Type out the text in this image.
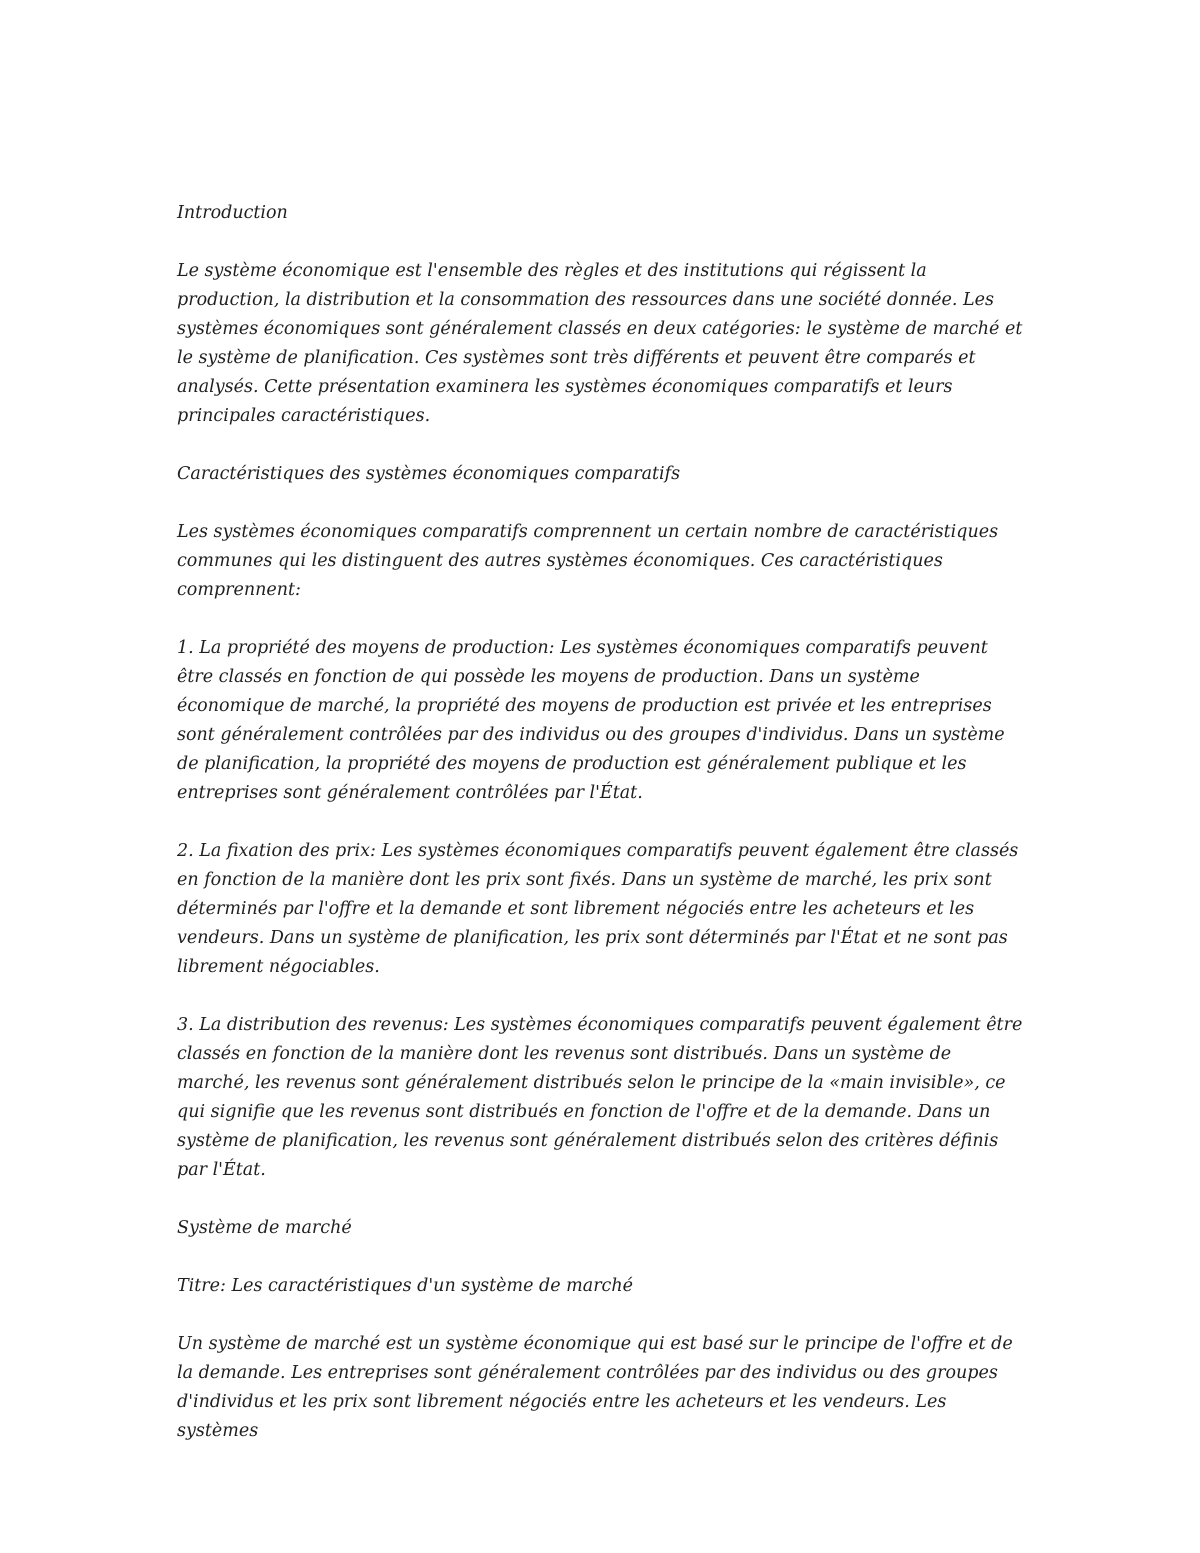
Introduction

Le système économique est l'ensemble des règles et des institutions qui régissent la production, la distribution et la consommation des ressources dans une société donnée. Les systèmes économiques sont généralement classés en deux catégories: le système de marché et le système de planification. Ces systèmes sont très différents et peuvent être comparés et analysés. Cette présentation examinera les systèmes économiques comparatifs et leurs principales caractéristiques.

Caractéristiques des systèmes économiques comparatifs

Les systèmes économiques comparatifs comprennent un certain nombre de caractéristiques communes qui les distinguent des autres systèmes économiques. Ces caractéristiques comprennent:

1. La propriété des moyens de production: Les systèmes économiques comparatifs peuvent être classés en fonction de qui possède les moyens de production. Dans un système économique de marché, la propriété des moyens de production est privée et les entreprises sont généralement contrôlées par des individus ou des groupes d'individus. Dans un système de planification, la propriété des moyens de production est généralement publique et les entreprises sont généralement contrôlées par l'État.

2. La fixation des prix: Les systèmes économiques comparatifs peuvent également être classés en fonction de la manière dont les prix sont fixés. Dans un système de marché, les prix sont déterminés par l'offre et la demande et sont librement négociés entre les acheteurs et les vendeurs. Dans un système de planification, les prix sont déterminés par l'État et ne sont pas librement négociables.

3. La distribution des revenus: Les systèmes économiques comparatifs peuvent également être classés en fonction de la manière dont les revenus sont distribués. Dans un système de marché, les revenus sont généralement distribués selon le principe de la «main invisible», ce qui signifie que les revenus sont distribués en fonction de l'offre et de la demande. Dans un système de planification, les revenus sont généralement distribués selon des critères définis par l'État.

Système de marché

Titre: Les caractéristiques d'un système de marché

Un système de marché est un système économique qui est basé sur le principe de l'offre et de la demande. Les entreprises sont généralement contrôlées par des individus ou des groupes d'individus et les prix sont librement négociés entre les acheteurs et les vendeurs. Les systèmes
